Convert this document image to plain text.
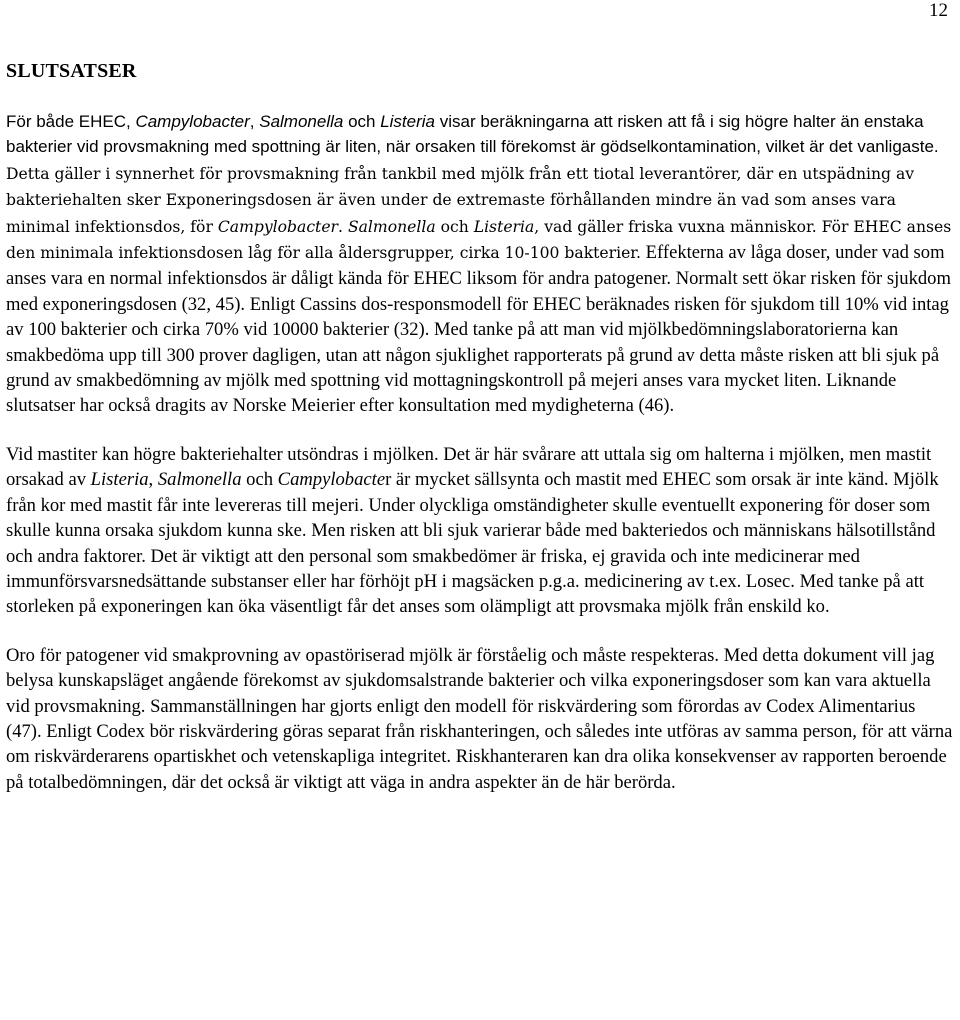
12
SLUTSATSER

För både EHEC, Campylobacter, Salmonella och Listeria visar beräkningarna att risken att få i sig högre halter än enstaka bakterier vid provsmakning med spottning är liten, när orsaken till förekomst är gödselkontamination, vilket är det vanligaste. Detta gäller i synnerhet för provsmakning från tankbil med mjölk från ett tiotal leverantörer, där en utspädning av bakteriehalten sker Exponeringsdosen är även under de extremaste förhållanden mindre än vad som anses vara minimal infektionsdos, för Campylobacter. Salmonella och Listeria, vad gäller friska vuxna människor. För EHEC anses den minimala infektionsdosen låg för alla åldersgrupper, cirka 10-100 bakterier. Effekterna av låga doser, under vad som anses vara en normal infektionsdos är dåligt kända för EHEC liksom för andra patogener. Normalt sett ökar risken för sjukdom med exponeringsdosen (32, 45). Enligt Cassins dos-responsmodell för EHEC beräknades risken för sjukdom till 10% vid intag av 100 bakterier och cirka 70% vid 10000 bakterier (32). Med tanke på att man vid mjölkbedömningslaboratorierna kan smakbedöma upp till 300 prover dagligen, utan att någon sjuklighet rapporterats på grund av detta måste risken att bli sjuk på grund av smakbedömning av mjölk med spottning vid mottagningskontroll på mejeri anses vara mycket liten. Liknande slutsatser har också dragits av Norske Meierier efter konsultation med mydigheterna (46).

Vid mastiter kan högre bakteriehalter utsöndras i mjölken. Det är här svårare att uttala sig om halterna i mjölken, men mastit orsakad av Listeria, Salmonella och Campylobacter är mycket sällsynta och mastit med EHEC som orsak är inte känd. Mjölk från kor med mastit får inte levereras till mejeri. Under olyckliga omständigheter skulle eventuellt exponering för doser som skulle kunna orsaka sjukdom kunna ske. Men risken att bli sjuk varierar både med bakteriedos och människans hälsotillstånd och andra faktorer. Det är viktigt att den personal som smakbedömer är friska, ej gravida och inte medicinerar med immunförsvarsnedsättande substanser eller har förhöjt pH i magsäcken p.g.a. medicinering av t.ex. Losec. Med tanke på att storleken på exponeringen kan öka väsentligt får det anses som olämpligt att provsmaka mjölk från enskild ko.

Oro för patogener vid smakprovning av opastöriserad mjölk är förståelig och måste respekteras. Med detta dokument vill jag belysa kunskapsläget angående förekomst av sjukdomsalstrande bakterier och vilka exponeringsdoser som kan vara aktuella vid provsmakning. Sammanställningen har gjorts enligt den modell för riskvärdering som förordas av Codex Alimentarius (47). Enligt Codex bör riskvärdering göras separat från riskhanteringen, och således inte utföras av samma person, för att värna om riskvärderarens opartiskhet och vetenskapliga integritet. Riskhanteraren kan dra olika konsekvenser av rapporten beroende på totalbedömningen, där det också är viktigt att väga in andra aspekter än de här berörda.
